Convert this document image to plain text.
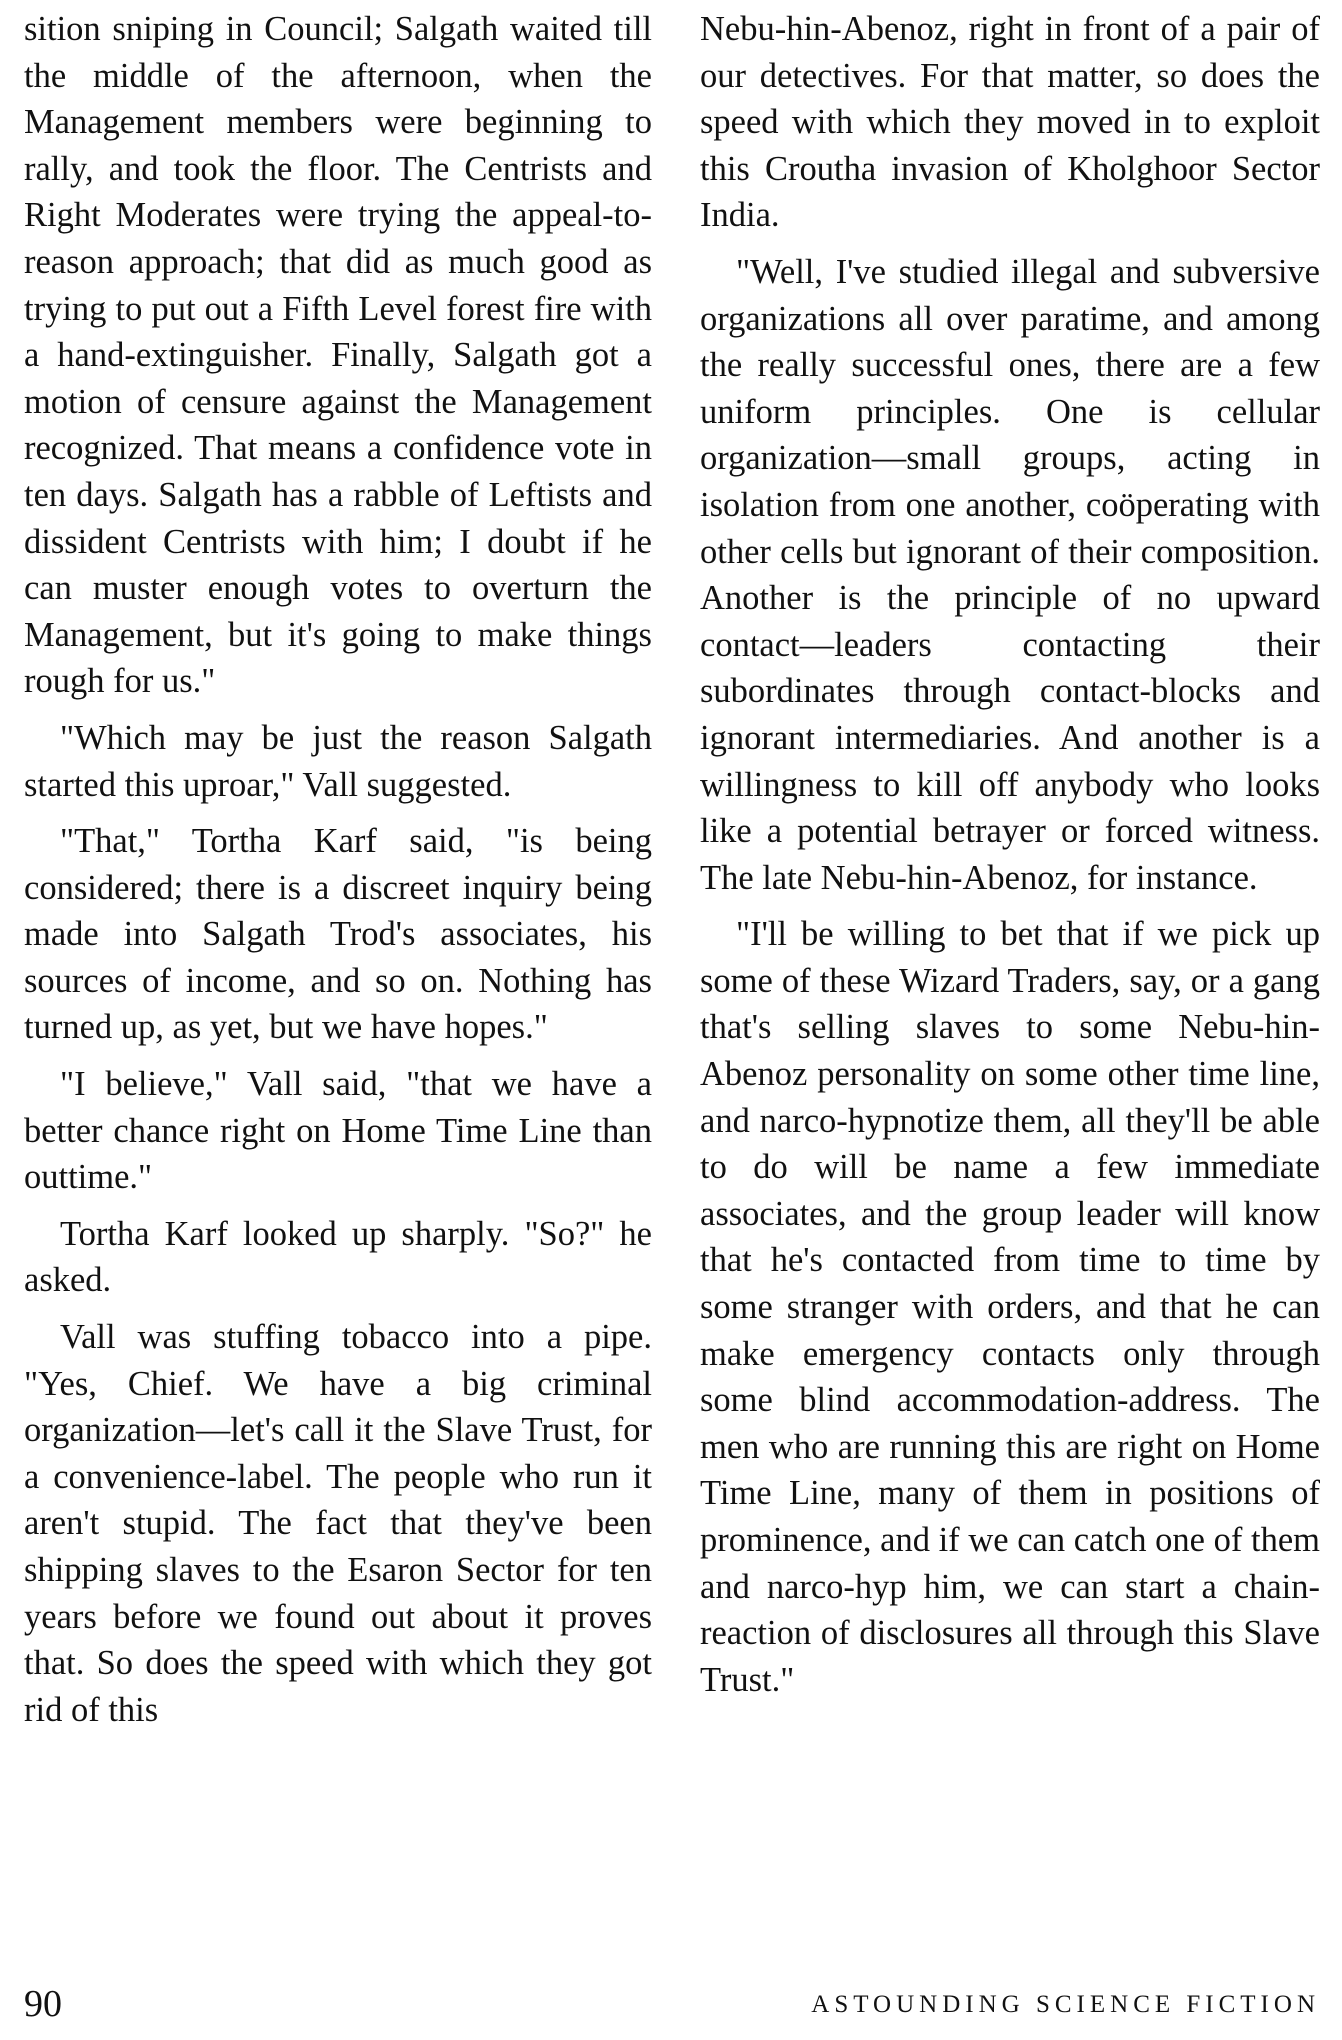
sition sniping in Council; Salgath waited till the middle of the afternoon, when the Management members were beginning to rally, and took the floor. The Centrists and Right Moderates were trying the appeal-to-reason approach; that did as much good as trying to put out a Fifth Level forest fire with a hand-extinguisher. Finally, Salgath got a motion of censure against the Management recognized. That means a confidence vote in ten days. Salgath has a rabble of Leftists and dissident Centrists with him; I doubt if he can muster enough votes to overturn the Management, but it's going to make things rough for us."

"Which may be just the reason Salgath started this uproar," Vall suggested.

"That," Tortha Karf said, "is being considered; there is a discreet inquiry being made into Salgath Trod's associates, his sources of income, and so on. Nothing has turned up, as yet, but we have hopes."

"I believe," Vall said, "that we have a better chance right on Home Time Line than outtime."

Tortha Karf looked up sharply. "So?" he asked.

Vall was stuffing tobacco into a pipe. "Yes, Chief. We have a big criminal organization—let's call it the Slave Trust, for a convenience-label. The people who run it aren't stupid. The fact that they've been shipping slaves to the Esaron Sector for ten years before we found out about it proves that. So does the speed with which they got rid of this

Nebu-hin-Abenoz, right in front of a pair of our detectives. For that matter, so does the speed with which they moved in to exploit this Croutha invasion of Kholghoor Sector India.

"Well, I've studied illegal and subversive organizations all over paratime, and among the really successful ones, there are a few uniform principles. One is cellular organization—small groups, acting in isolation from one another, coöperating with other cells but ignorant of their composition. Another is the principle of no upward contact—leaders contacting their subordinates through contact-blocks and ignorant intermediaries. And another is a willingness to kill off anybody who looks like a potential betrayer or forced witness. The late Nebu-hin-Abenoz, for instance.

"I'll be willing to bet that if we pick up some of these Wizard Traders, say, or a gang that's selling slaves to some Nebu-hin-Abenoz personality on some other time line, and narco-hypnotize them, all they'll be able to do will be name a few immediate associates, and the group leader will know that he's contacted from time to time by some stranger with orders, and that he can make emergency contacts only through some blind accommodation-address. The men who are running this are right on Home Time Line, many of them in positions of prominence, and if we can catch one of them and narco-hyp him, we can start a chain-reaction of disclosures all through this Slave Trust."

90	ASTOUNDING SCIENCE FICTION
